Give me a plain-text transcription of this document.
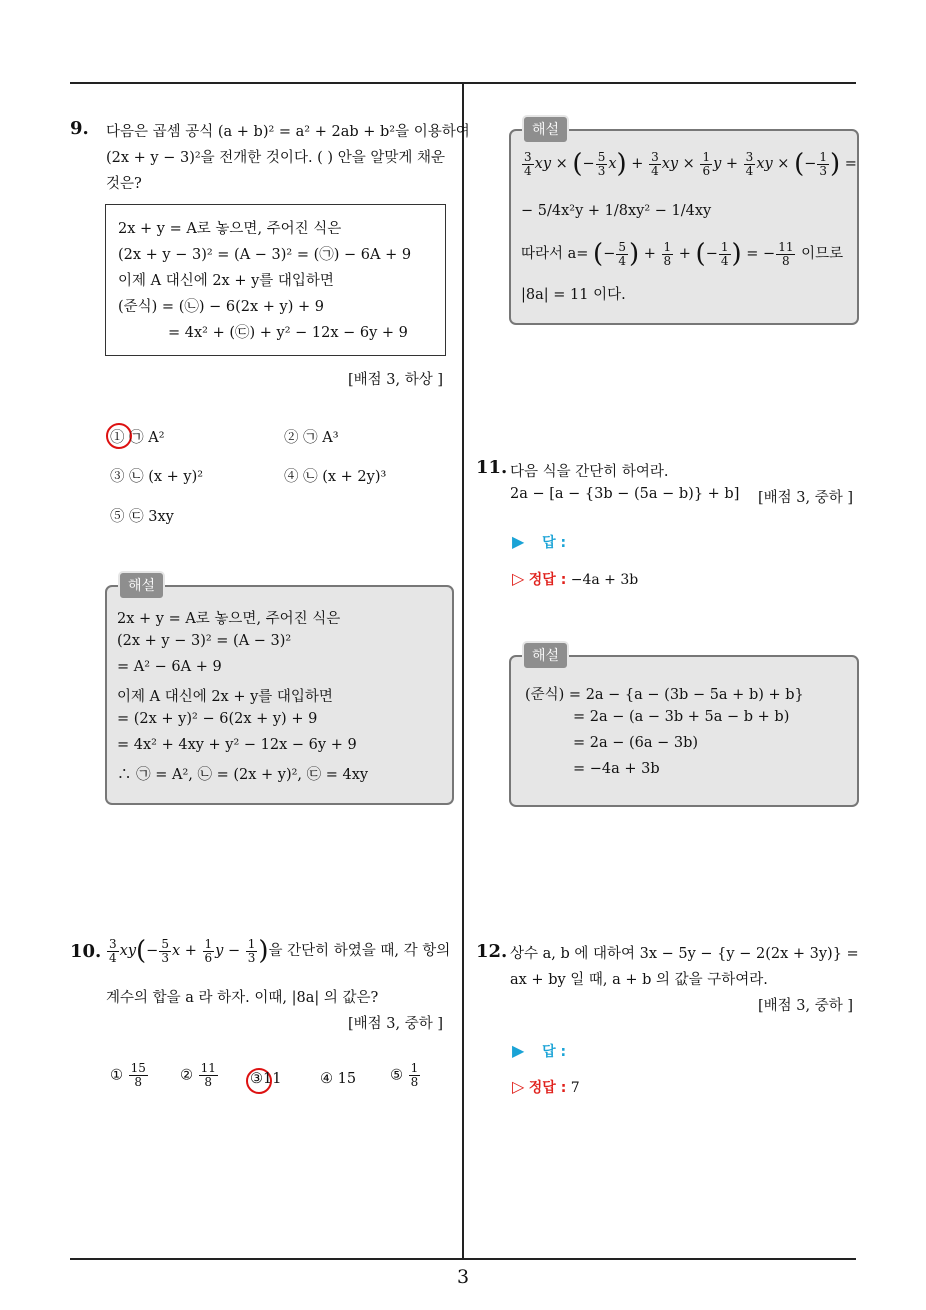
3
9. 다음은 곱셈 공식 (a + b)² = a² + 2ab + b²을 이용하여
(2x + y − 3)²을 전개한 것이다. ( ) 안을 알맞게 채운
것은?
2x + y = A로 놓으면, 주어진 식은
(2x + y − 3)² = (A − 3)² = (㉠) − 6A + 9
이제 A 대신에 2x + y를 대입하면
(준식) = (㉡) − 6(2x + y) + 9
= 4x² + (㉢) + y² − 12x − 6y + 9
[배점 3, 하상 ]
① ㉠ A²	② ㉠ A³
③ ㉡ (x + y)²	④ ㉡ (x + 2y)³
⑤ ㉢ 3xy
2x + y = A로 놓으면, 주어진 식은
(2x + y − 3)² = (A − 3)²
= A² − 6A + 9
이제 A 대신에 2x + y를 대입하면
= (2x + y)² − 6(2x + y) + 9
= 4x² + 4xy + y² − 12x − 6y + 9
∴ ㉠ = A², ㉡ = (2x + y)², ㉢ = 4xy
해설
10. $\frac{3}{4} xy(- \frac{5}{3}$ $x + \frac{1}{6}$ $y - \frac{1}{3}$ )을 간단히 하였을 때, 각 항의
계수의 합을 a 라 하자. 이때, |8a| 의 값은?
[배점 3, 중하 ]
① $\frac{15}{8}$ ② $\frac{11}{8}$ ③11	④ 15 ⑤ $\frac{1}{8}$
$\frac{3}{4}$ xy × (− $\frac{5}{3} x) + \frac{3}{4}$ xy × $\frac{1}{6}$ $y + \frac{3}{4}$ xy × (− $\frac{1}{3}$ ) =
− 5/4x²y + 1/8xy² − 1/4xy
따라서 a= (− $\frac{5}{4}$ ) + $\frac{1}{8}$ + (− $\frac{1}{4}$ ) = − $\frac{11}{8}$ 이므로
|8a| = 11 이다.
해설
11. 다음 식을 간단히 하여라.
2a − [a − {3b − (5a − b)} + b] [배점 3, 중하 ]
▶ 답 :
▷ 정답 : −4a + 3b
(준식) = 2a − {a − (3b − 5a + b) + b}
= 2a − (a − 3b + 5a − b + b)
= 2a − (6a − 3b)
= −4a + 3b
해설
12. 상수 a, b 에 대하여 3x − 5y − {y − 2(2x + 3y)} =
ax + by 일 때, a + b 의 값을 구하여라.
[배점 3, 중하 ]
▶ 답 :
▷ 정답 : 7
